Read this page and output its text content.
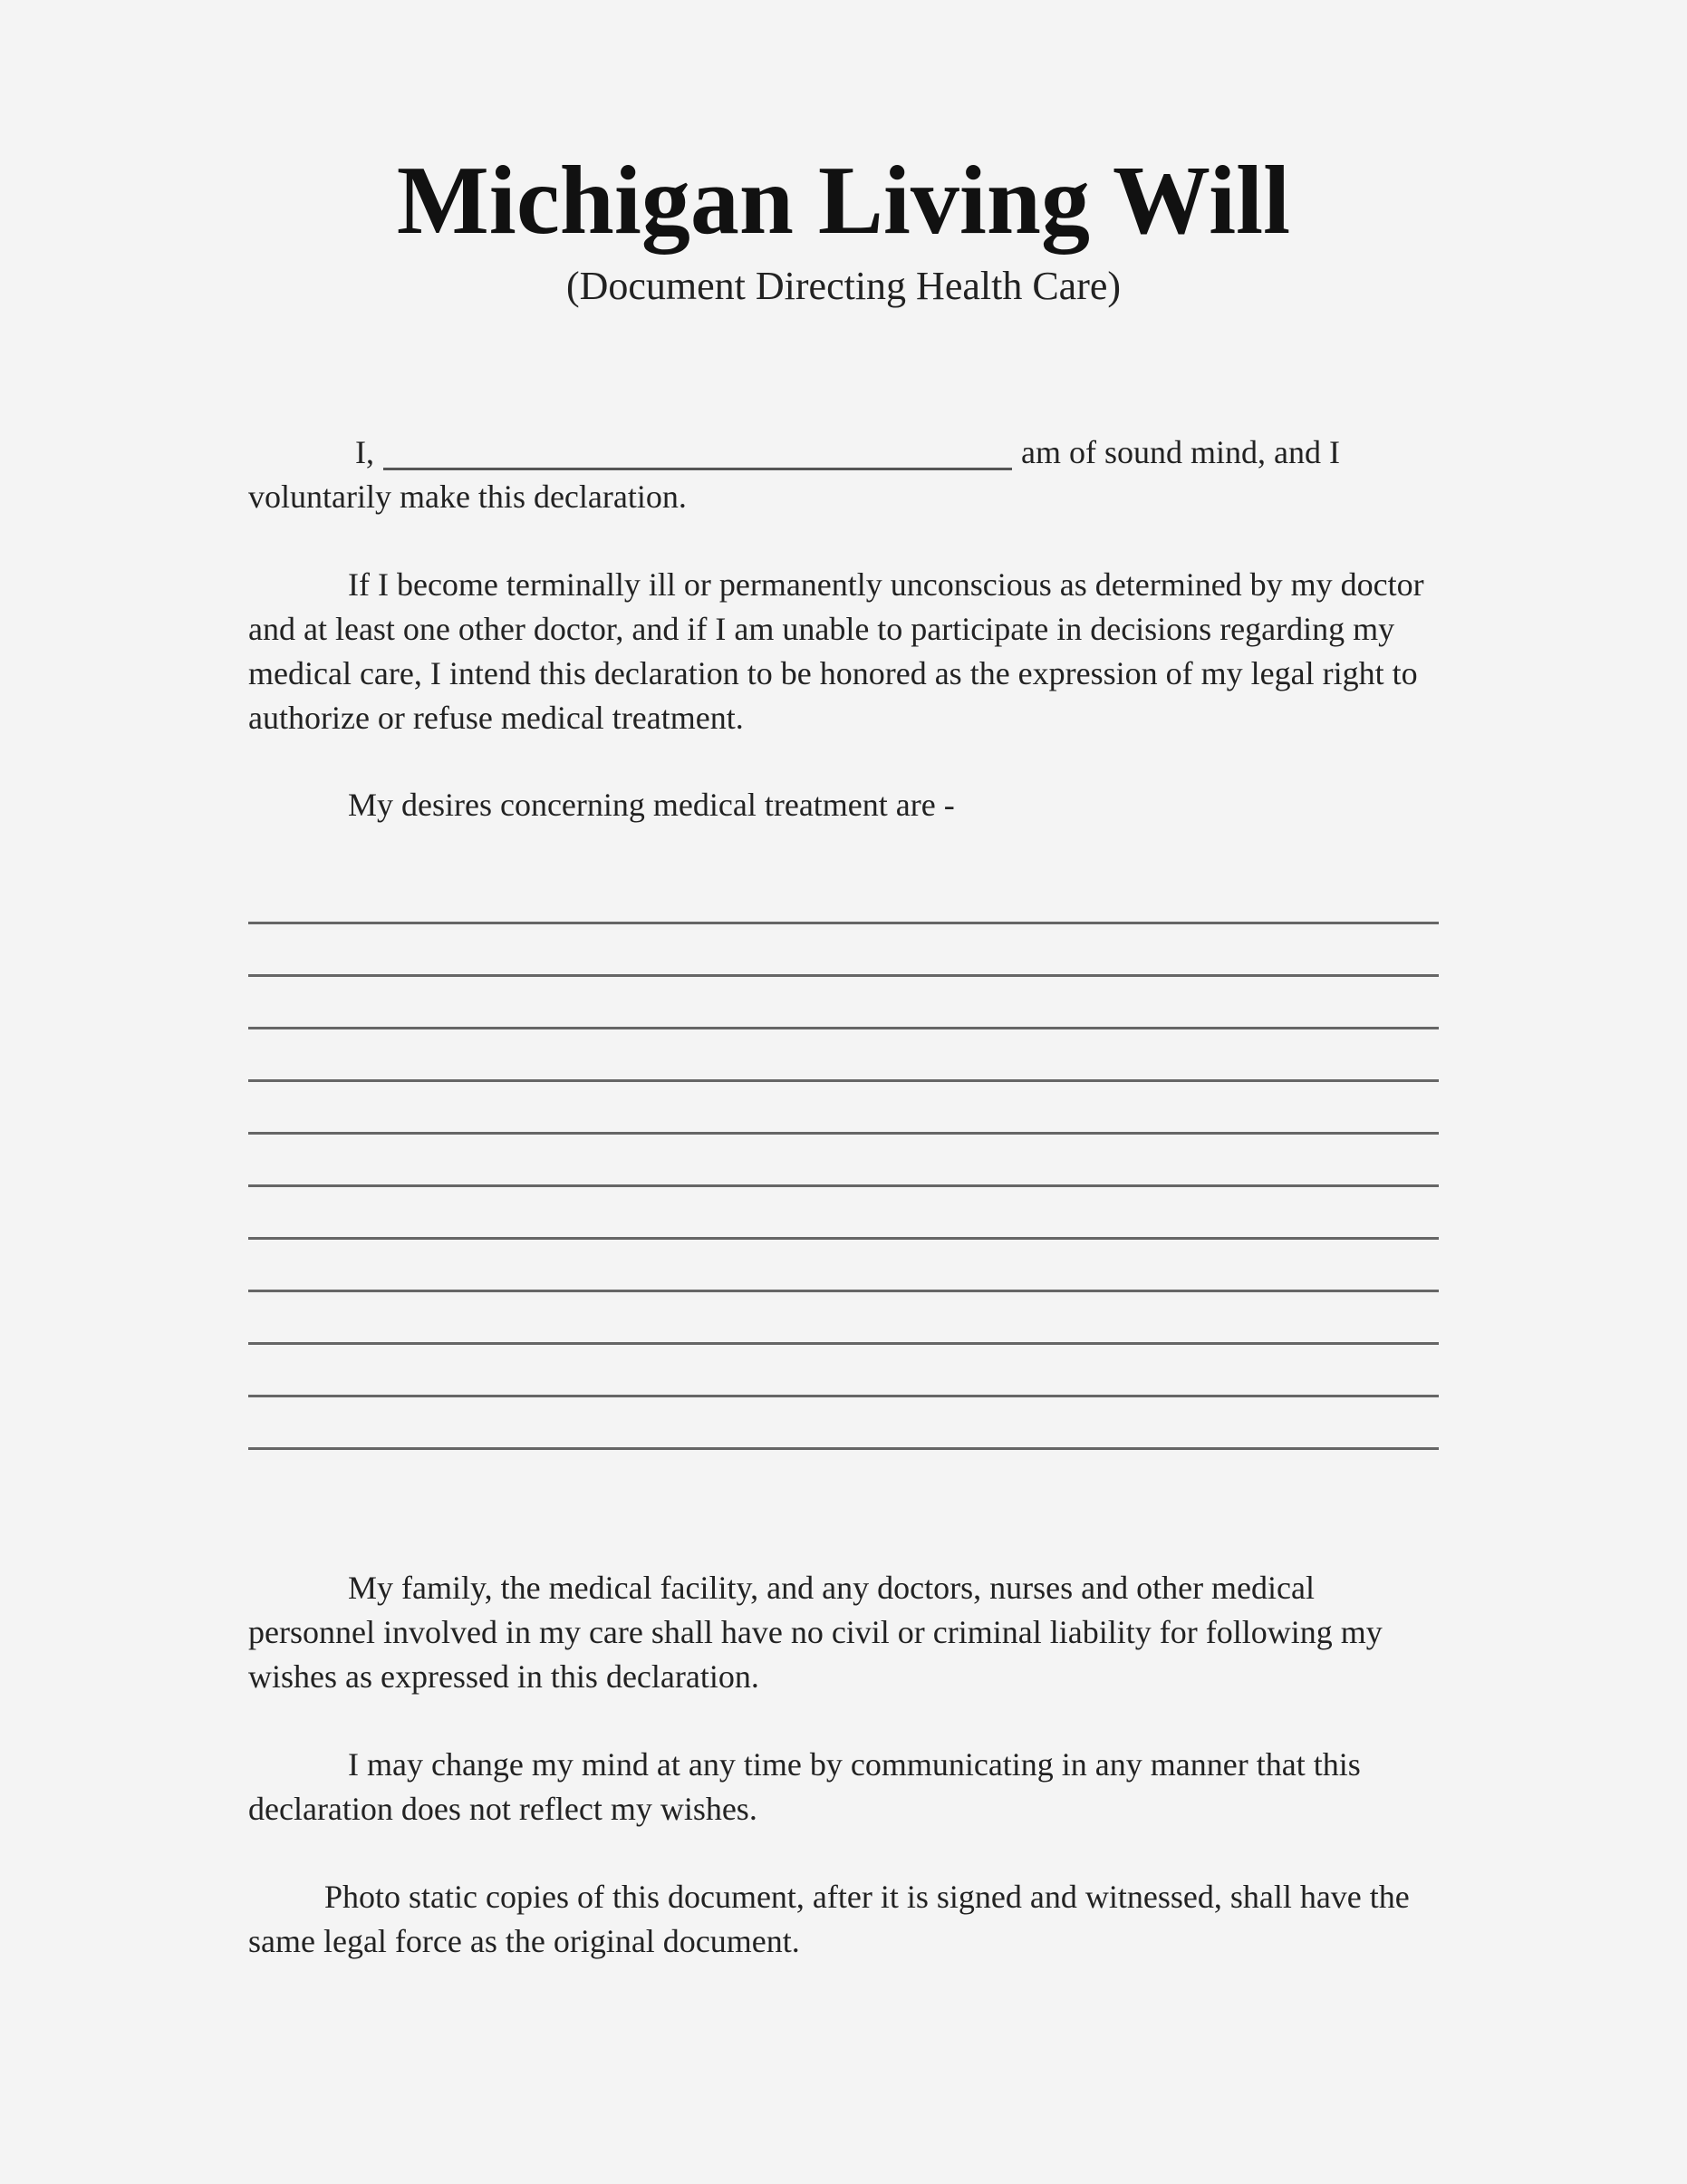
Michigan Living Will
(Document Directing Health Care)

I,	am of sound mind, and I
voluntarily make this declaration.

If I become terminally ill or permanently unconscious as determined by my doctor and at least one other doctor, and if I am unable to participate in decisions regarding my medical care, I intend this declaration to be honored as the expression of my legal right to authorize or refuse medical treatment.

My desires concerning medical treatment are -

My family, the medical facility, and any doctors, nurses and other medical personnel involved in my care shall have no civil or criminal liability for following my wishes as expressed in this declaration.

I may change my mind at any time by communicating in any manner that this declaration does not reflect my wishes.

Photo static copies of this document, after it is signed and witnessed, shall have the same legal force as the original document.
